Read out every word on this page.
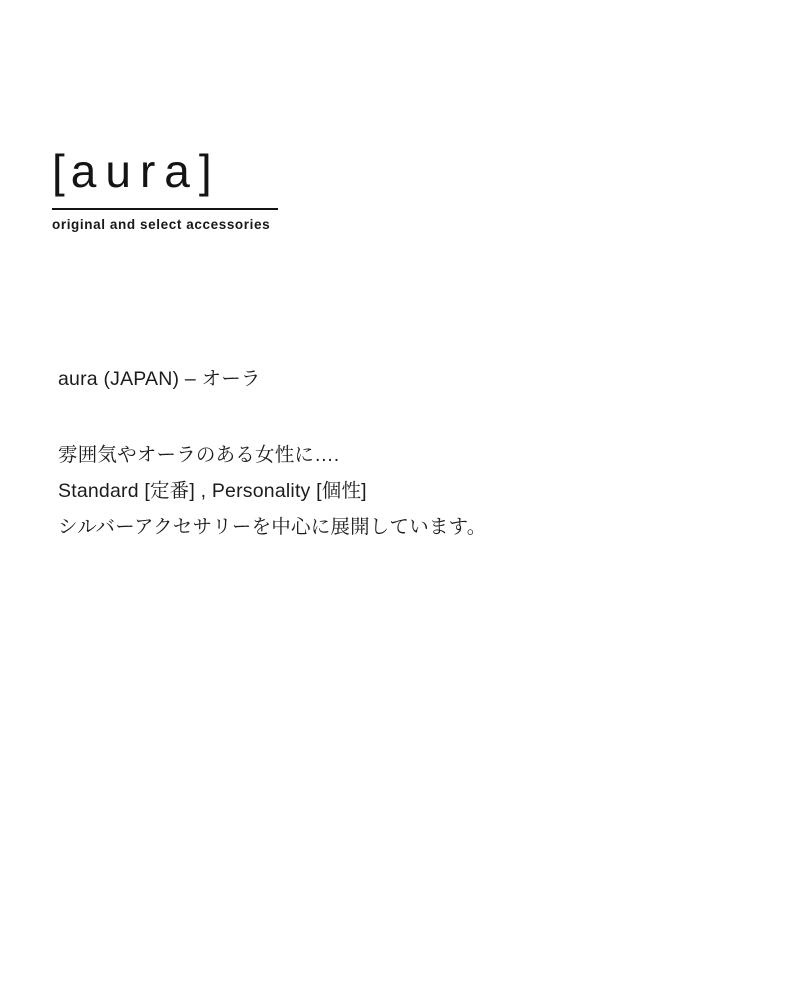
[aura]
original and select accessories
aura (JAPAN) – オーラ
雰囲気やオーラのある女性に….
Standard [定番] , Personality [個性]
シルバーアクセサリーを中心に展開しています。
